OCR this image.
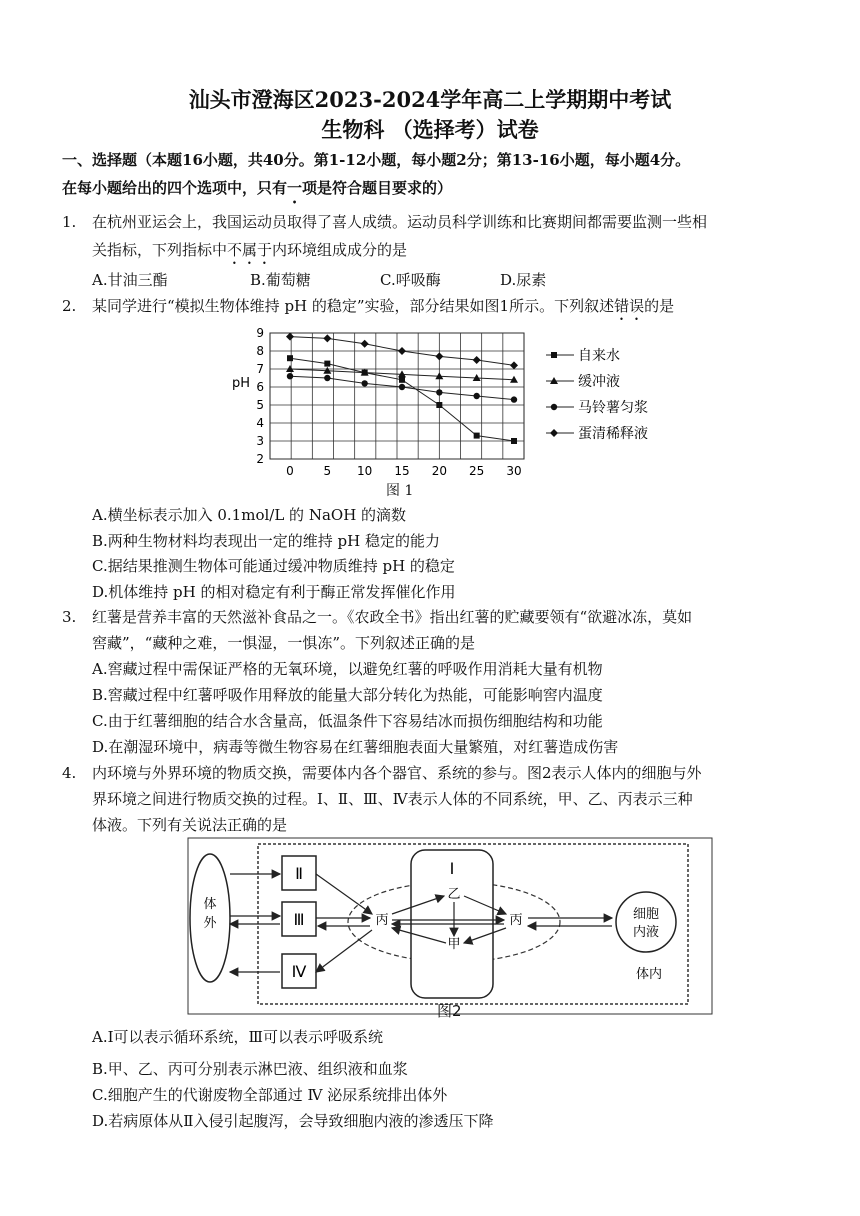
汕头市澄海区2023-2024学年高二上学期期中考试
生物科 （选择考）试卷
一、选择题（本题16小题，共40分。第1-12小题，每小题2分；第13-16小题，每小题4分。
在每小题给出的四个选项中，只有一项是符合题目要求的）
1. 在杭州亚运会上，我国运动员取得了喜人成绩。运动员科学训练和比赛期间都需要监测一些相
关指标，下列指标中不属于内环境组成成分的是
A.甘油三酯	B.葡萄糖	C.呼吸酶	D.尿素
2. 某同学进行“模拟生物体维持 pH 的稳定”实验，部分结果如图1所示。下列叙述错误的是
2
3
4
5
6
7
8
9
0 5 10 15 20 25 30
自来水
缓冲液
马铃薯匀浆
蛋清稀释液
pH
图 1
A.横坐标表示加入 0.1mol/L 的 NaOH 的滴数
B.两种生物材料均表现出一定的维持 pH 稳定的能力
C.据结果推测生物体可能通过缓冲物质维持 pH 的稳定
D.机体维持 pH 的相对稳定有利于酶正常发挥催化作用
3. 红薯是营养丰富的天然滋补食品之一。《农政全书》指出红薯的贮藏要领有“欲避冰冻，莫如
窖藏”，“藏种之难，一惧湿，一惧冻”。下列叙述正确的是
A.窖藏过程中需保证严格的无氧环境，以避免红薯的呼吸作用消耗大量有机物
B.窖藏过程中红薯呼吸作用释放的能量大部分转化为热能，可能影响窖内温度
C.由于红薯细胞的结合水含量高，低温条件下容易结冰而损伤细胞结构和功能
D.在潮湿环境中，病毒等微生物容易在红薯细胞表面大量繁殖，对红薯造成伤害
4. 内环境与外界环境的物质交换，需要体内各个器官、系统的参与。图2表示人体内的细胞与外
界环境之间进行物质交换的过程。Ⅰ、Ⅱ、Ⅲ、Ⅳ表示人体的不同系统，甲、乙、丙表示三种
体液。下列有关说法正确的是
体
外
Ⅱ
Ⅲ
Ⅳ
Ⅰ
乙
甲
丙	丙	细胞
内液
体内
图2
A.Ⅰ可以表示循环系统，Ⅲ可以表示呼吸系统
B.甲、乙、丙可分别表示淋巴液、组织液和血浆
C.细胞产生的代谢废物全部通过 Ⅳ 泌尿系统排出体外
D.若病原体从Ⅱ入侵引起腹泻，会导致细胞内液的渗透压下降
